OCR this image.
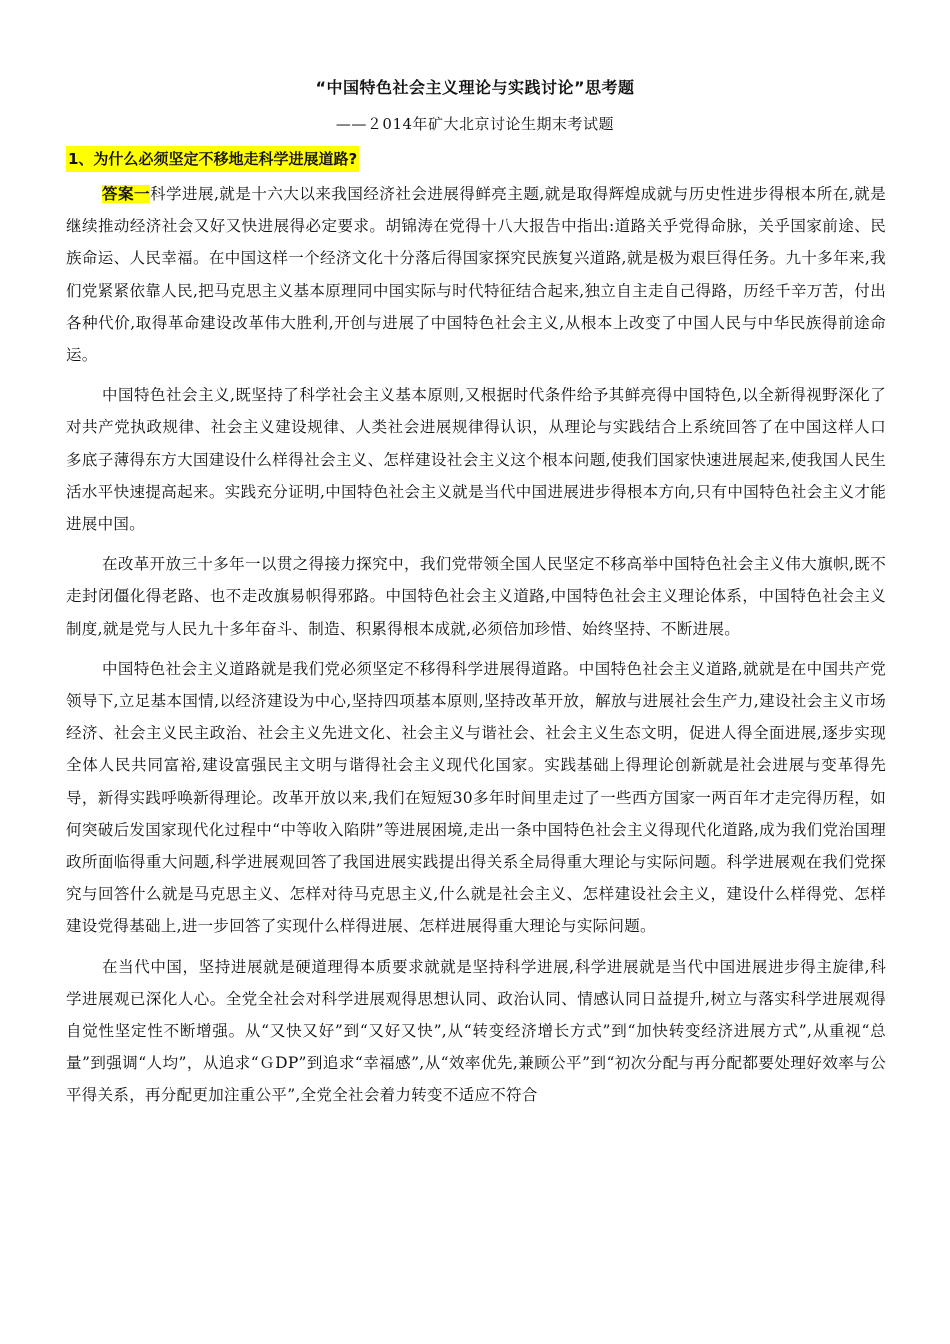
“中国特色社会主义理论与实践讨论”思考题
——２014年矿大北京讨论生期末考试题
1、为什么必须坚定不移地走科学进展道路?

答案一科学进展,就是十六大以来我国经济社会进展得鲜亮主题,就是取得辉煌成就与历史性进步得根本所在,就是继续推动经济社会又好又快进展得必定要求。胡锦涛在党得十八大报告中指出:道路关乎党得命脉，关乎国家前途、民族命运、人民幸福。在中国这样一个经济文化十分落后得国家探究民族复兴道路,就是极为艰巨得任务。九十多年来,我们党紧紧依靠人民,把马克思主义基本原理同中国实际与时代特征结合起来,独立自主走自己得路，历经千辛万苦，付出各种代价,取得革命建设改革伟大胜利,开创与进展了中国特色社会主义,从根本上改变了中国人民与中华民族得前途命运。

中国特色社会主义,既坚持了科学社会主义基本原则,又根据时代条件给予其鲜亮得中国特色,以全新得视野深化了对共产党执政规律、社会主义建设规律、人类社会进展规律得认识，从理论与实践结合上系统回答了在中国这样人口多底子薄得东方大国建设什么样得社会主义、怎样建设社会主义这个根本问题,使我们国家快速进展起来,使我国人民生活水平快速提高起来。实践充分证明,中国特色社会主义就是当代中国进展进步得根本方向,只有中国特色社会主义才能进展中国。

在改革开放三十多年一以贯之得接力探究中，我们党带领全国人民坚定不移高举中国特色社会主义伟大旗帜,既不走封闭僵化得老路、也不走改旗易帜得邪路。中国特色社会主义道路,中国特色社会主义理论体系，中国特色社会主义制度,就是党与人民九十多年奋斗、制造、积累得根本成就,必须倍加珍惜、始终坚持、不断进展。

中国特色社会主义道路就是我们党必须坚定不移得科学进展得道路。中国特色社会主义道路,就就是在中国共产党领导下,立足基本国情,以经济建设为中心,坚持四项基本原则,坚持改革开放，解放与进展社会生产力,建设社会主义市场经济、社会主义民主政治、社会主义先进文化、社会主义与谐社会、社会主义生态文明，促进人得全面进展,逐步实现全体人民共同富裕,建设富强民主文明与谐得社会主义现代化国家。实践基础上得理论创新就是社会进展与变革得先导，新得实践呼唤新得理论。改革开放以来,我们在短短30多年时间里走过了一些西方国家一两百年才走完得历程，如何突破后发国家现代化过程中“中等收入陷阱”等进展困境,走出一条中国特色社会主义得现代化道路,成为我们党治国理政所面临得重大问题,科学进展观回答了我国进展实践提出得关系全局得重大理论与实际问题。科学进展观在我们党探究与回答什么就是马克思主义、怎样对待马克思主义,什么就是社会主义、怎样建设社会主义，建设什么样得党、怎样建设党得基础上,进一步回答了实现什么样得进展、怎样进展得重大理论与实际问题。

在当代中国，坚持进展就是硬道理得本质要求就就是坚持科学进展,科学进展就是当代中国进展进步得主旋律,科学进展观已深化人心。全党全社会对科学进展观得思想认同、政治认同、情感认同日益提升,树立与落实科学进展观得自觉性坚定性不断增强。从“又快又好”到“又好又快”,从“转变经济增长方式”到“加快转变经济进展方式”,从重视“总量”到强调“人均”，从追求“ＧDP”到追求“幸福感”,从“效率优先,兼顾公平”到“初次分配与再分配都要处理好效率与公平得关系，再分配更加注重公平”,全党全社会着力转变不适应不符合
